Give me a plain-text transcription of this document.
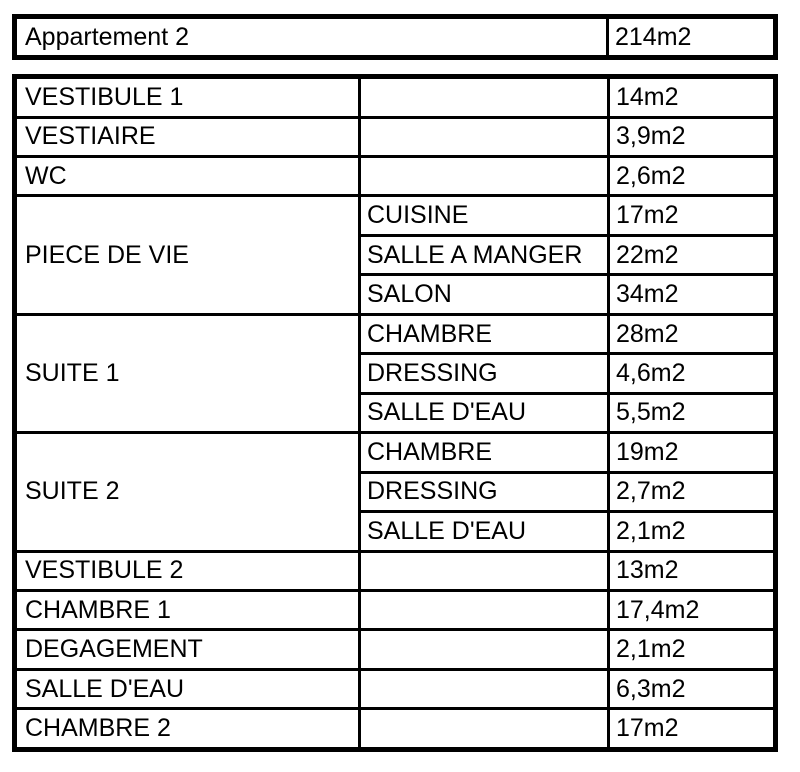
Appartement 2	214m2
VESTIBULE 1		14m2
VESTIAIRE		3,9m2
WC		2,6m2
PIECE DE VIE	CUISINE	17m2
	SALLE A MANGER	22m2
	SALON	34m2
SUITE 1	CHAMBRE	28m2
	DRESSING	4,6m2
	SALLE D'EAU	5,5m2
SUITE 2	CHAMBRE	19m2
	DRESSING	2,7m2
	SALLE D'EAU	2,1m2
VESTIBULE 2		13m2
CHAMBRE 1		17,4m2
DEGAGEMENT		2,1m2
SALLE D'EAU		6,3m2
CHAMBRE 2		17m2
